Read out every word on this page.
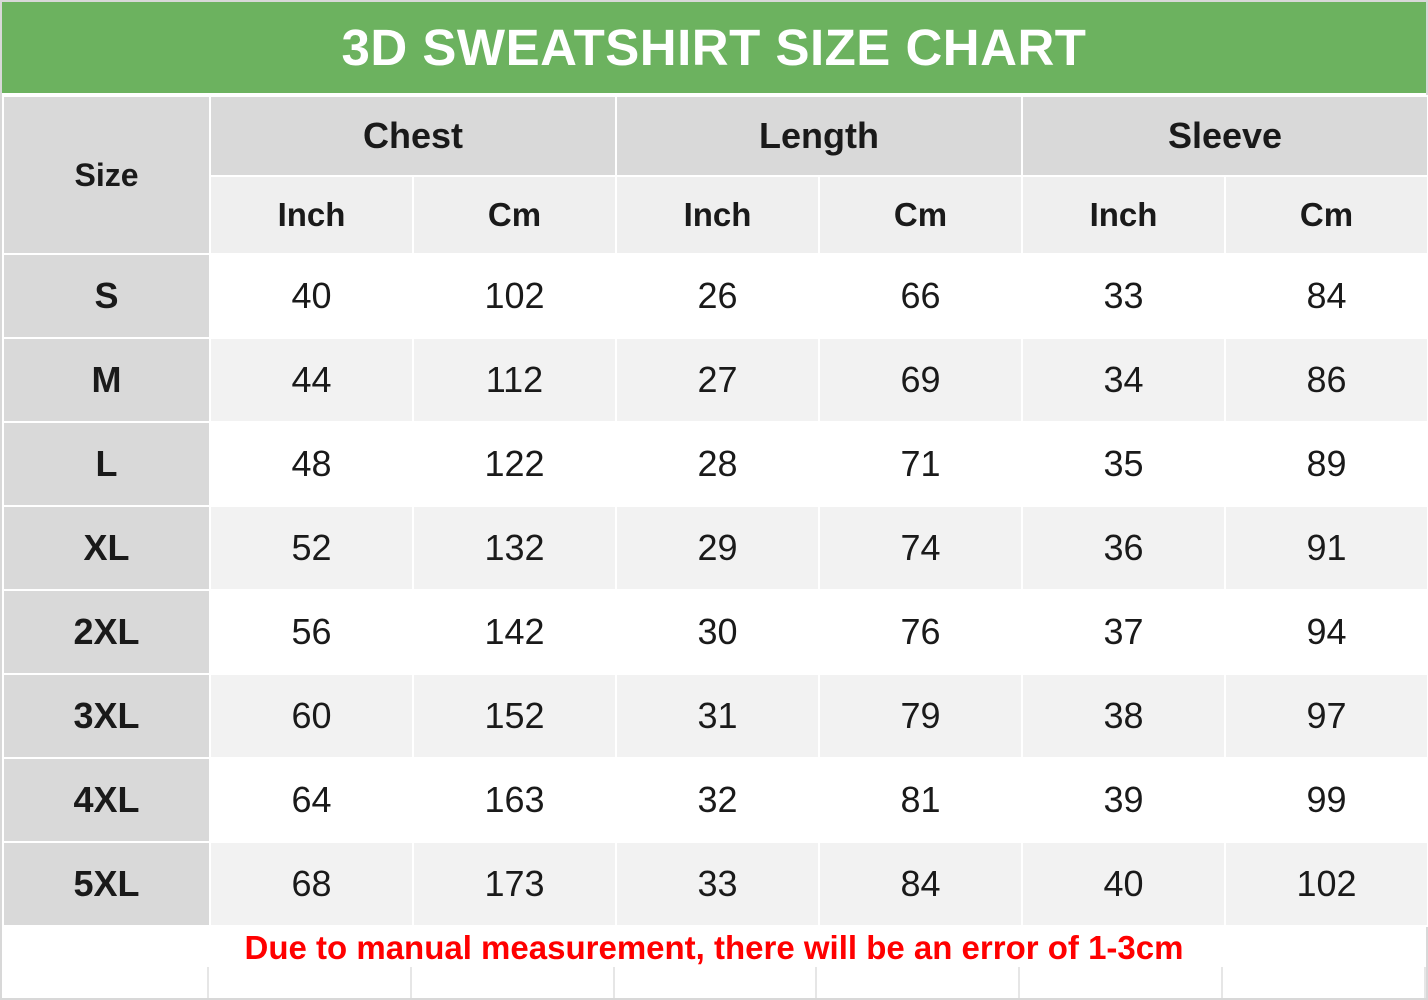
3D SWEATSHIRT SIZE CHART
Size	Chest		Length		Sleeve	
	Inch	Cm	Inch	Cm	Inch	Cm
S	40	102	26	66	33	84
M	44	112	27	69	34	86
L	48	122	28	71	35	89
XL	52	132	29	74	36	91
2XL	56	142	30	76	37	94
3XL	60	152	31	79	38	97
4XL	64	163	32	81	39	99
5XL	68	173	33	84	40	102
Due to manual measurement, there will be an error of 1-3cm
